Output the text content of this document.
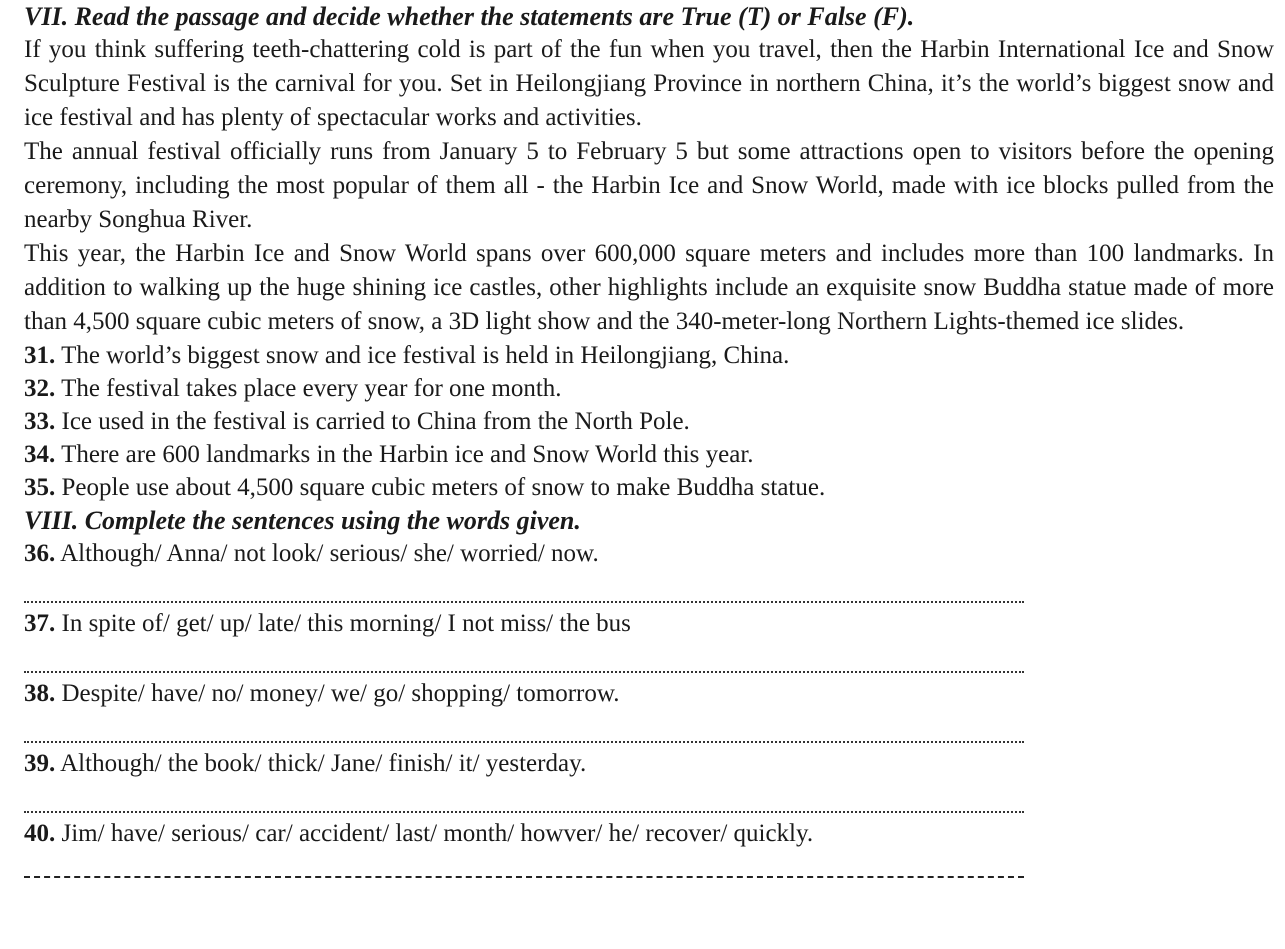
VII. Read the passage and decide whether the statements are True (T) or False (F).

If you think suffering teeth-chattering cold is part of the fun when you travel, then the Harbin International Ice and Snow Sculpture Festival is the carnival for you. Set in Heilongjiang Province in northern China, it’s the world’s biggest snow and ice festival and has plenty of spectacular works and activities.

The annual festival officially runs from January 5 to February 5 but some attractions open to visitors before the opening ceremony, including the most popular of them all - the Harbin Ice and Snow World, made with ice blocks pulled from the nearby Songhua River.

This year, the Harbin Ice and Snow World spans over 600,000 square meters and includes more than 100 landmarks. In addition to walking up the huge shining ice castles, other highlights include an exquisite snow Buddha statue made of more than 4,500 square cubic meters of snow, a 3D light show and the 340-meter-long Northern Lights-themed ice slides.

31. The world’s biggest snow and ice festival is held in Heilongjiang, China.

32. The festival takes place every year for one month.

33. Ice used in the festival is carried to China from the North Pole.

34. There are 600 landmarks in the Harbin ice and Snow World this year.

35. People use about 4,500 square cubic meters of snow to make Buddha statue.

VIII. Complete the sentences using the words given.

36. Although/ Anna/ not look/ serious/ she/ worried/ now.

37. In spite of/ get/ up/ late/ this morning/ I not miss/ the bus

38. Despite/ have/ no/ money/ we/ go/ shopping/ tomorrow.

39. Although/ the book/ thick/ Jane/ finish/ it/ yesterday.

40. Jim/ have/ serious/ car/ accident/ last/ month/ howver/ he/ recover/ quickly.
